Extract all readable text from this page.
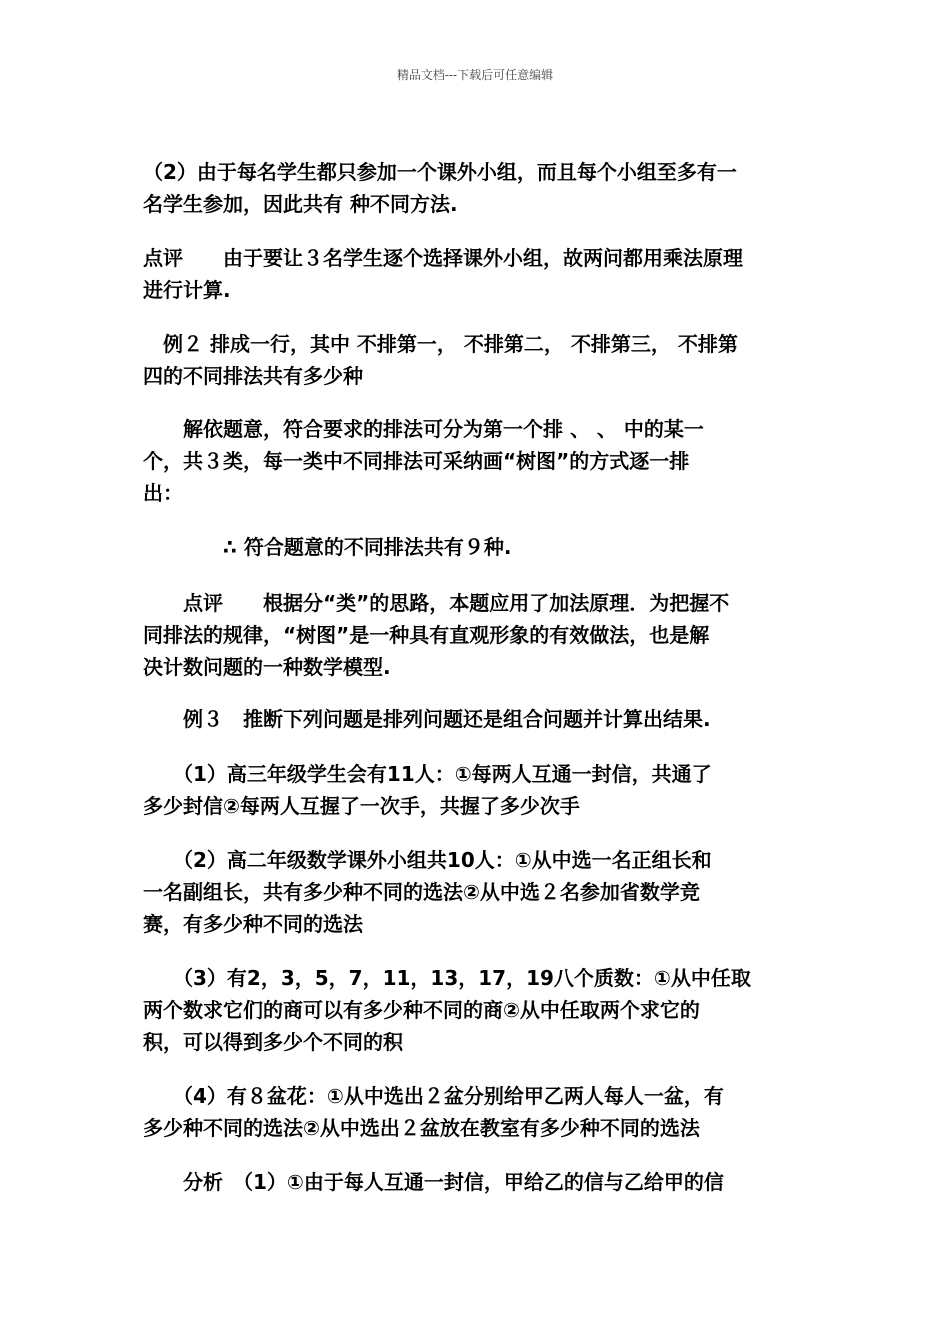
精品文档---下载后可任意编辑
（2）由于每名学生都只参加一个课外小组，而且每个小组至多有一
名学生参加，因此共有 种不同方法.
点评　　由于要让３名学生逐个选择课外小组，故两问都用乘法原理
进行计算.
　例２ 排成一行，其中 不排第一， 不排第二， 不排第三， 不排第
四的不同排法共有多少种
　　解依题意，符合要求的排法可分为第一个排 、 、 中的某一
个，共３类，每一类中不同排法可采纳画“树图”的方式逐一排
出：
　　　　∴ 符合题意的不同排法共有９种.
　　点评　　根据分“类”的思路，本题应用了加法原理．为把握不
同排法的规律，“树图”是一种具有直观形象的有效做法，也是解
决计数问题的一种数学模型.
　　例３　推断下列问题是排列问题还是组合问题并计算出结果.
　　（1）高三年级学生会有11人：①每两人互通一封信，共通了
多少封信②每两人互握了一次手，共握了多少次手
　　（2）高二年级数学课外小组共10人：①从中选一名正组长和
一名副组长，共有多少种不同的选法②从中选２名参加省数学竞
赛，有多少种不同的选法
　　（3）有2，3，5，7，11，13，17，19八个质数：①从中任取
两个数求它们的商可以有多少种不同的商②从中任取两个求它的
积，可以得到多少个不同的积
　　（4）有８盆花：①从中选出２盆分别给甲乙两人每人一盆，有
多少种不同的选法②从中选出２盆放在教室有多少种不同的选法
　　分析　（1）①由于每人互通一封信，甲给乙的信与乙给甲的信
